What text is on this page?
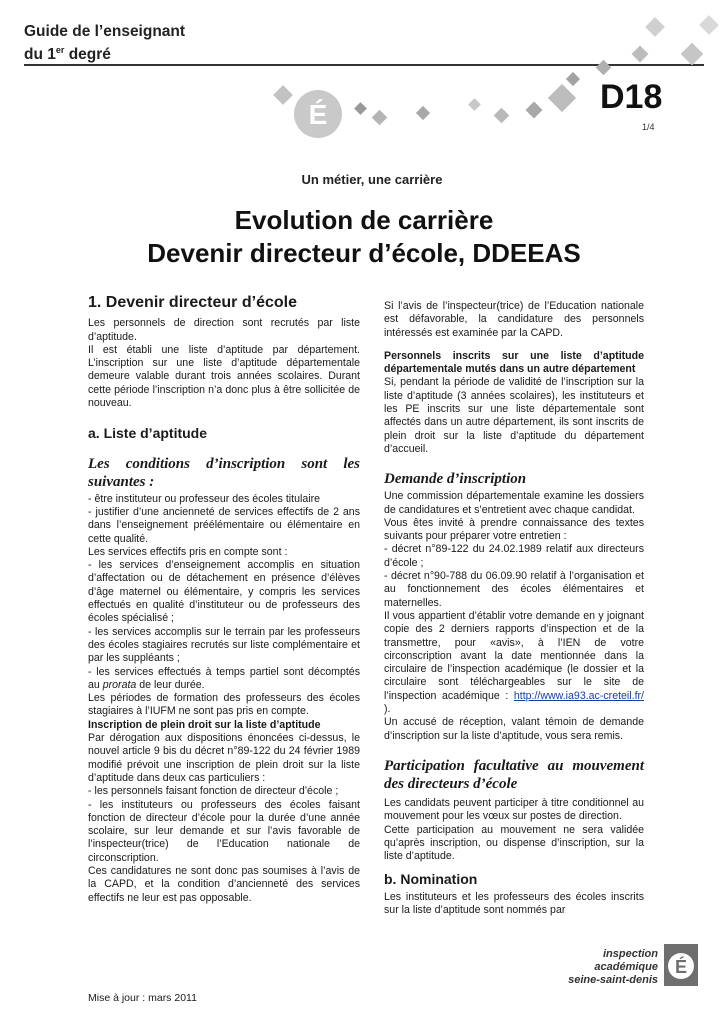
Guide de l’enseignant
du 1er degré
É	D18
1/4
Un métier, une carrière
Evolution de carrière
Devenir directeur d’école, DDEEAS

1. Devenir directeur d’école

Les personnels de direction sont recrutés par liste d’aptitude.

Il est établi une liste d’aptitude par département. L’inscription sur une liste d’aptitude départementale demeure valable durant trois années scolaires. Durant cette période l’inscription n’a donc plus à être sollicitée de nouveau.

a. Liste d’aptitude

Les conditions d’inscription sont les suivantes :

- être instituteur ou professeur des écoles titulaire

- justifier d’une ancienneté de services effectifs de 2 ans dans l’enseignement préélémentaire ou élémentaire en cette qualité.

Les services effectifs pris en compte sont :

- les services d’enseignement accomplis en situation d’affectation ou de détachement en présence d’élèves d’âge maternel ou élémentaire, y compris les services effectués en qualité d’instituteur ou de professeurs des écoles spécialisé ;

- les services accomplis sur le terrain par les professeurs des écoles stagiaires recrutés sur liste complémentaire et par les suppléants ;

- les services effectués à temps partiel sont décomptés au prorata de leur durée.

Les périodes de formation des professeurs des écoles stagiaires à l’IUFM ne sont pas pris en compte.

Inscription de plein droit sur la liste d’aptitude

Par dérogation aux dispositions énoncées ci-dessus, le nouvel article 9 bis du décret n°89-122 du 24 février 1989 modifié prévoit une inscription de plein droit sur la liste d’aptitude dans deux cas particuliers :

- les personnels faisant fonction de directeur d’école ;

- les instituteurs ou professeurs des écoles faisant fonction de directeur d’école pour la durée d’une année scolaire, sur leur demande et sur l’avis favorable de l’inspecteur(trice) de l’Education nationale de circonscription.

Ces candidatures ne sont donc pas soumises à l’avis de la CAPD, et la condition d’ancienneté des services effectifs ne leur est pas opposable.

Si l’avis de l’inspecteur(trice) de l’Education nationale est défavorable, la candidature des personnels intéressés est examinée par la CAPD.

Personnels inscrits sur une liste d’aptitude départementale mutés dans un autre département

Si, pendant la période de validité de l’inscription sur la liste d’aptitude (3 années scolaires), les instituteurs et les PE inscrits sur une liste départementale sont affectés dans un autre département, ils sont inscrits de plein droit sur la liste d’aptitude du département d’accueil.

Demande d’inscription

Une commission départementale examine les dossiers de candidatures et s’entretient avec chaque candidat.

Vous êtes invité à prendre connaissance des textes suivants pour préparer votre entretien :

- décret n°89-122 du 24.02.1989 relatif aux directeurs d’école ;

- décret n°90-788 du 06.09.90 relatif à l’organisation et au fonctionnement des écoles élémentaires et maternelles.

Il vous appartient d’établir votre demande en y joignant copie des 2 derniers rapports d’inspection et de la transmettre, pour «avis», à l’IEN de votre circonscription avant la date mentionnée dans la circulaire de l’inspection académique (le dossier et la circulaire sont téléchargeables sur le site de l’inspection académique : http://www.ia93.ac-creteil.fr/ ).

Un accusé de réception, valant témoin de demande d’inscription sur la liste d’aptitude, vous sera remis.

Participation facultative au mouvement des directeurs d’école

Les candidats peuvent participer à titre conditionnel au mouvement pour les vœux sur postes de direction.

Cette participation au mouvement ne sera validée qu’après inscription, ou dispense d’inscription, sur la liste d’aptitude.

b. Nomination

Les instituteurs et les professeurs des écoles inscrits sur la liste d’aptitude sont nommés par

Mise à jour : mars 2011
inspection académique
seine-saint-denis
É
